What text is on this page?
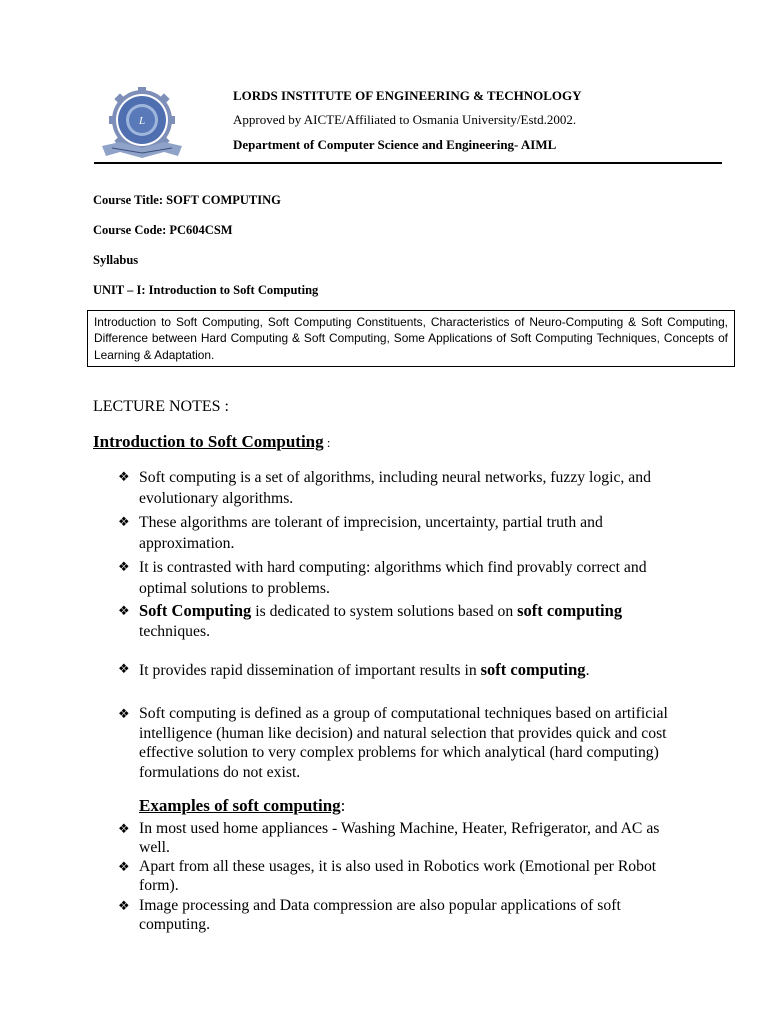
L
LORDS INSTITUTE OF ENGINEERING & TECHNOLOGY
Approved by AICTE/Affiliated to Osmania University/Estd.2002.
Department of Computer Science and Engineering- AIML
Course Title: SOFT COMPUTING
Course Code: PC604CSM
Syllabus
UNIT – I: Introduction to Soft Computing
Introduction to Soft Computing, Soft Computing Constituents, Characteristics of Neuro-Computing & Soft Computing, Difference between Hard Computing & Soft Computing, Some Applications of Soft Computing Techniques, Concepts of Learning & Adaptation.
LECTURE NOTES :
Introduction to Soft Computing :
❖ Soft computing is a set of algorithms, including neural networks, fuzzy logic, and evolutionary algorithms.
❖ These algorithms are tolerant of imprecision, uncertainty, partial truth and approximation.
❖ It is contrasted with hard computing: algorithms which find provably correct and optimal solutions to problems.
❖ Soft Computing is dedicated to system solutions based on soft computing techniques.
❖ It provides rapid dissemination of important results in soft computing.
❖ Soft computing is defined as a group of computational techniques based on artificial intelligence (human like decision) and natural selection that provides quick and cost effective solution to very complex problems for which analytical (hard computing) formulations do not exist.
Examples of soft computing:
❖ In most used home appliances - Washing Machine, Heater, Refrigerator, and AC as well.
❖ Apart from all these usages, it is also used in Robotics work (Emotional per Robot form).
❖ Image processing and Data compression are also popular applications of soft computing.
